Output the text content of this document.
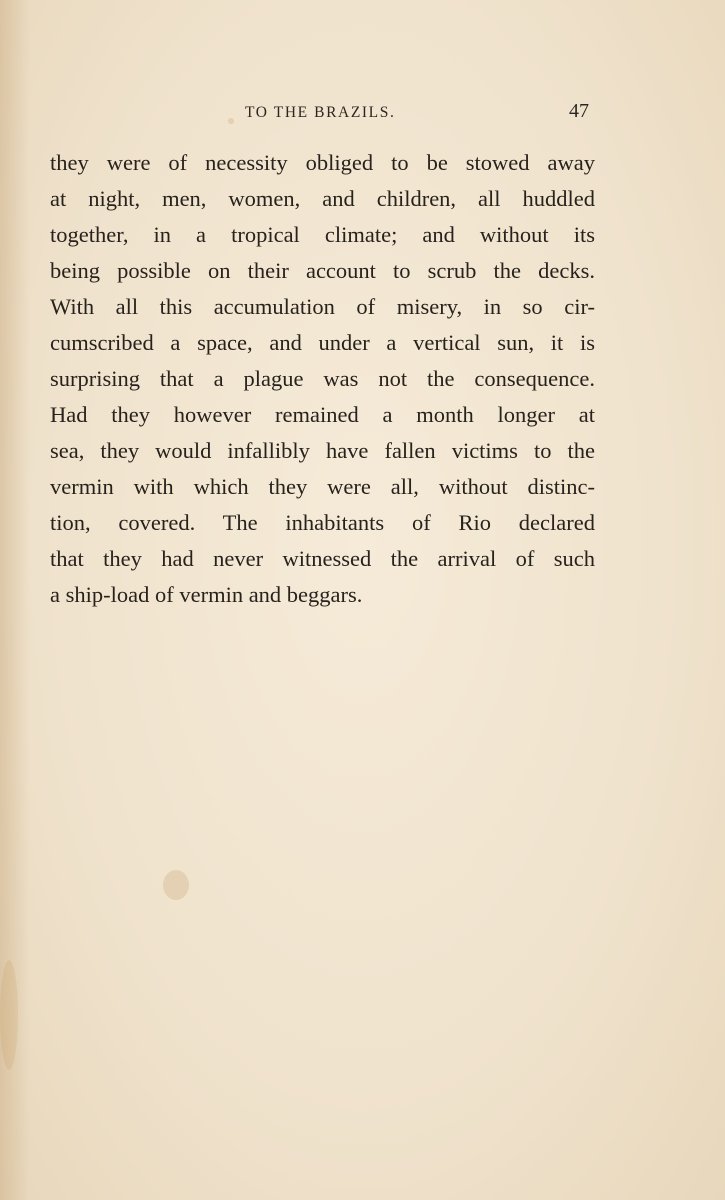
TO THE BRAZILS.	47
they were of necessity obliged to be stowed away
at night, men, women, and children, all huddled
together, in a tropical climate; and without its
being possible on their account to scrub the decks.
With all this accumulation of misery, in so cir-
cumscribed a space, and under a vertical sun, it is
surprising that a plague was not the consequence.
Had they however remained a month longer at
sea, they would infallibly have fallen victims to the
vermin with which they were all, without distinc-
tion, covered. The inhabitants of Rio declared
that they had never witnessed the arrival of such
a ship-load of vermin and beggars.
